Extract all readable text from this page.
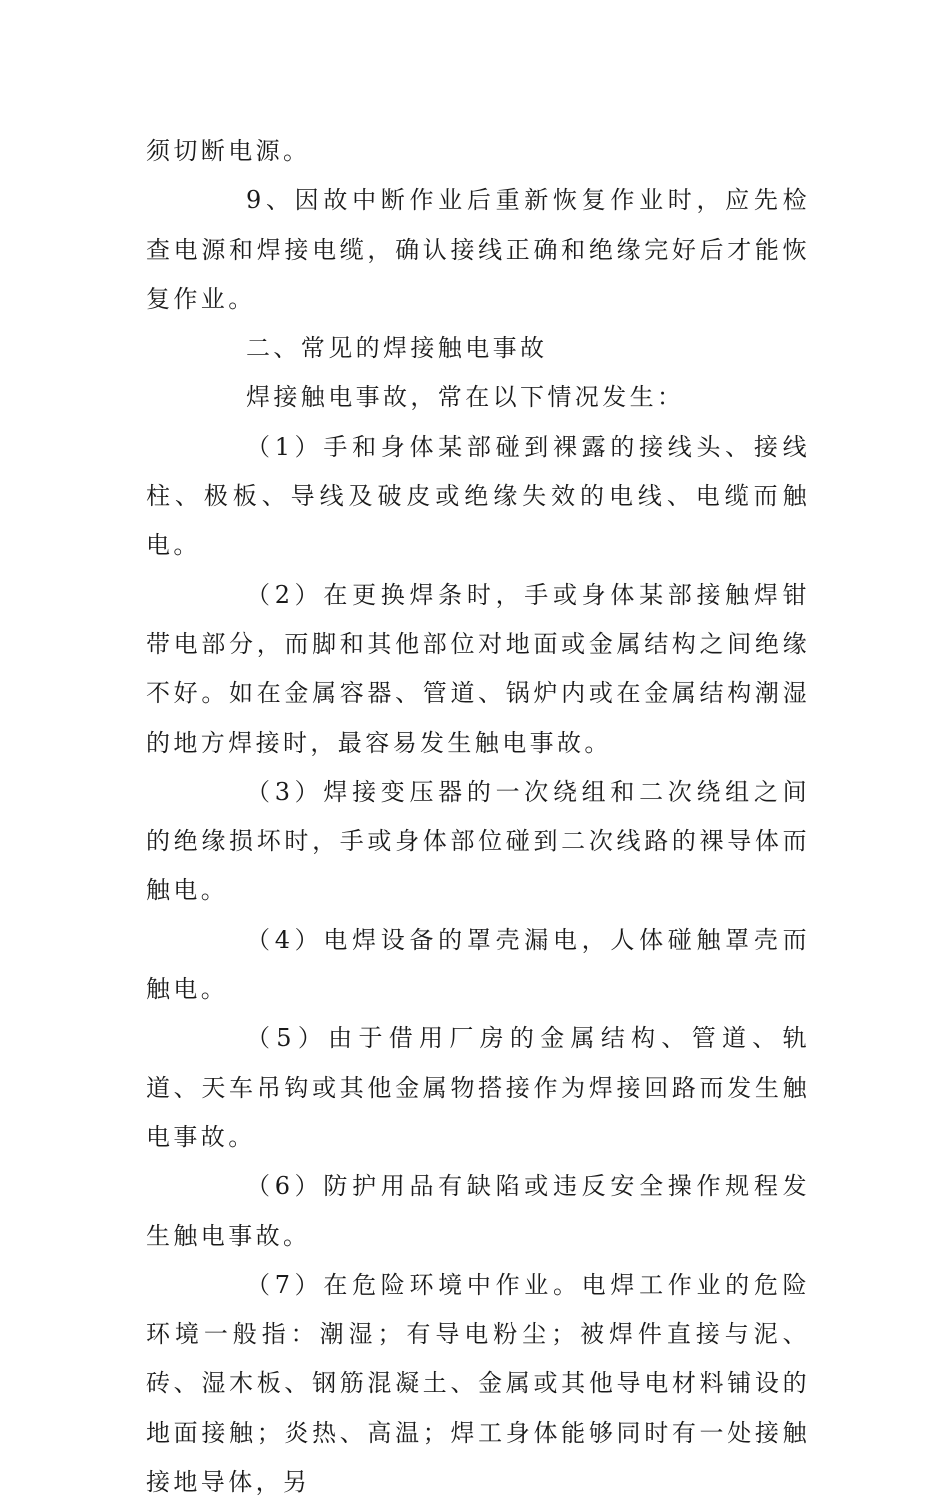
须切断电源。

9、因故中断作业后重新恢复作业时，应先检查电源和焊接电缆，确认接线正确和绝缘完好后才能恢复作业。

二、常见的焊接触电事故

焊接触电事故，常在以下情况发生：

（1）手和身体某部碰到裸露的接线头、接线柱、极板、导线及破皮或绝缘失效的电线、电缆而触电。

（2）在更换焊条时，手或身体某部接触焊钳带电部分，而脚和其他部位对地面或金属结构之间绝缘不好。如在金属容器、管道、锅炉内或在金属结构潮湿的地方焊接时，最容易发生触电事故。

（3）焊接变压器的一次绕组和二次绕组之间的绝缘损坏时，手或身体部位碰到二次线路的裸导体而触电。

（4）电焊设备的罩壳漏电，人体碰触罩壳而触电。

（5）由于借用厂房的金属结构、管道、轨道、天车吊钩或其他金属物搭接作为焊接回路而发生触电事故。

（6）防护用品有缺陷或违反安全操作规程发生触电事故。

（7）在危险环境中作业。电焊工作业的危险环境一般指：潮湿；有导电粉尘；被焊件直接与泥、砖、湿木板、钢筋混凝土、金属或其他导电材料铺设的地面接触；炎热、高温；焊工身体能够同时有一处接触接地导体，另
